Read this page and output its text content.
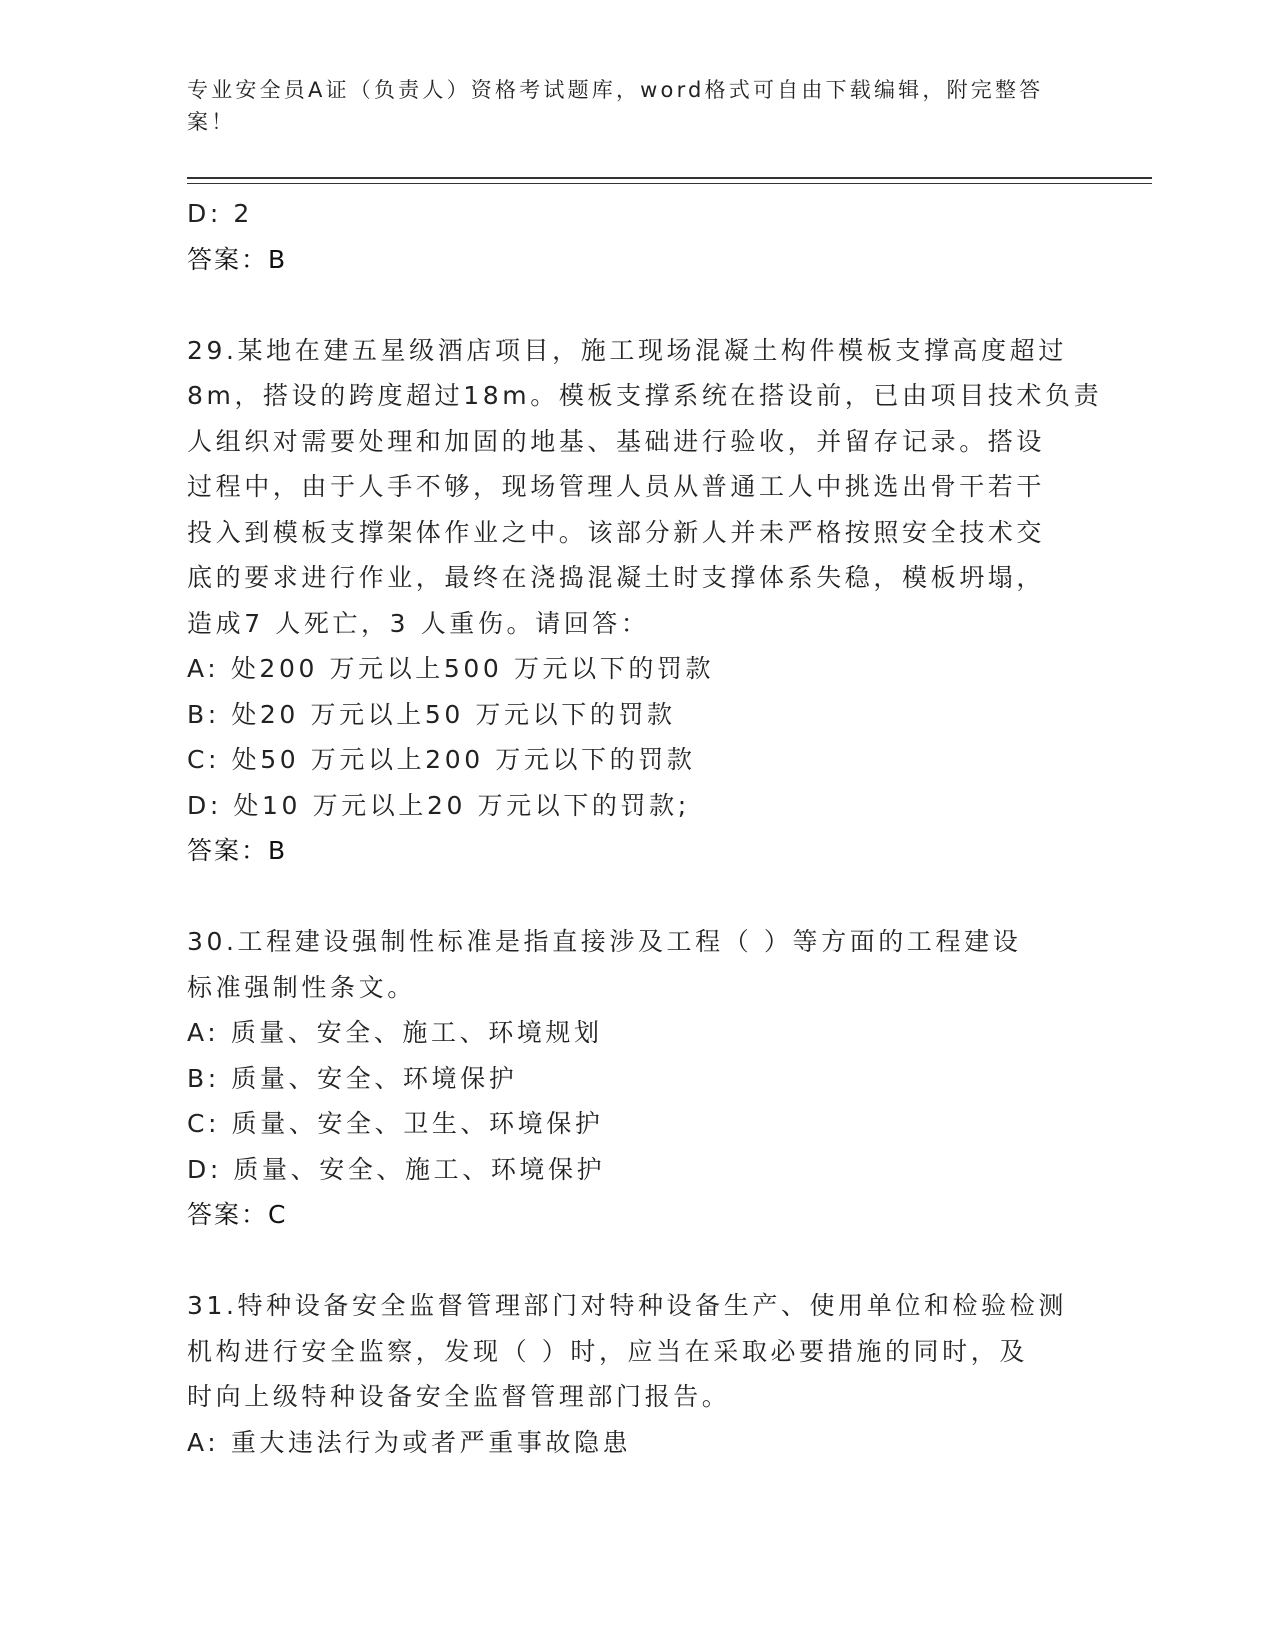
专业安全员A证（负责人）资格考试题库，word格式可自由下载编辑，附完整答
案！
D: 2
答案：B
29.某地在建五星级酒店项目，施工现场混凝土构件模板支撑高度超过
8m，搭设的跨度超过18m。模板支撑系统在搭设前，已由项目技术负责
人组织对需要处理和加固的地基、基础进行验收，并留存记录。搭设
过程中，由于人手不够，现场管理人员从普通工人中挑选出骨干若干
投入到模板支撑架体作业之中。该部分新人并未严格按照安全技术交
底的要求进行作业，最终在浇捣混凝土时支撑体系失稳，模板坍塌，
造成7 人死亡，3 人重伤。请回答：
A: 处200 万元以上500 万元以下的罚款
B: 处20 万元以上50 万元以下的罚款
C: 处50 万元以上200 万元以下的罚款
D: 处10 万元以上20 万元以下的罚款;
答案：B
30.工程建设强制性标准是指直接涉及工程（ ）等方面的工程建设
标准强制性条文。
A: 质量、安全、施工、环境规划
B: 质量、安全、环境保护
C: 质量、安全、卫生、环境保护
D: 质量、安全、施工、环境保护
答案：C
31.特种设备安全监督管理部门对特种设备生产、使用单位和检验检测
机构进行安全监察，发现（ ）时，应当在采取必要措施的同时，及
时向上级特种设备安全监督管理部门报告。
A: 重大违法行为或者严重事故隐患
